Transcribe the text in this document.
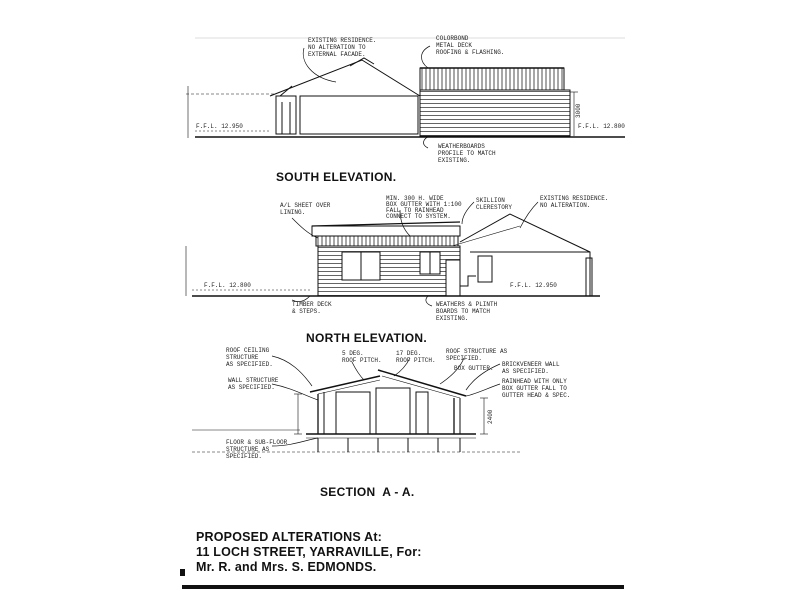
EXISTING RESIDENCE.
NO ALTERATION TO
EXTERNAL FACADE.
COLORBOND
METAL DECK
ROOFING & FLASHING.
WEATHERBOARDS
PROFILE TO MATCH
EXISTING.
F.F.L. 12.950	F.F.L. 12.800
3000
A/L SHEET OVER
LINING.
MIN. 300 H. WIDE
BOX GUTTER WITH 1:100
FALL TO RAINHEAD
CONNECT TO SYSTEM.
SKILLION
CLERESTORY
EXISTING RESIDENCE.
NO ALTERATION.
TIMBER DECK
& STEPS.
WEATHERS & PLINTH
BOARDS TO MATCH
EXISTING.
F.F.L. 12.800	F.F.L. 12.950
ROOF CEILING
STRUCTURE
AS SPECIFIED.
WALL STRUCTURE
AS SPECIFIED.
FLOOR & SUB-FLOOR
STRUCTURE AS
SPECIFIED.
5 DEG.
ROOF PITCH.
17 DEG.
ROOF PITCH.
ROOF STRUCTURE AS
SPECIFIED.
BOX GUTTER.
BRICKVENEER WALL
AS SPECIFIED.
RAINHEAD WITH ONLY
BOX GUTTER FALL TO
GUTTER HEAD & SPEC.
2400
SOUTH ELEVATION.
NORTH ELEVATION.
SECTION  A - A.
PROPOSED ALTERATIONS At:
11 LOCH STREET, YARRAVILLE, For:
Mr. R. and Mrs. S. EDMONDS.
